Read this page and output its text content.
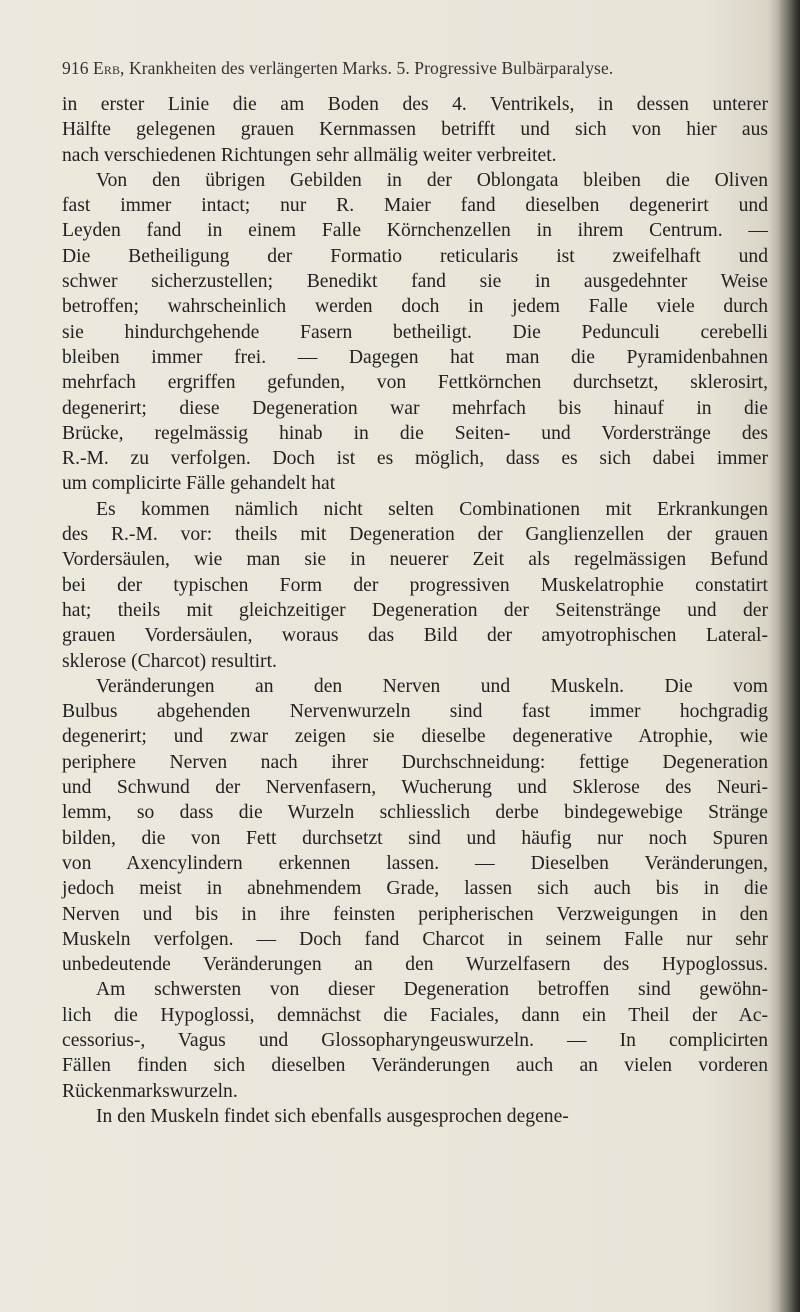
916 Erb, Krankheiten des verlängerten Marks. 5. Progressive Bulbärparalyse.
in erster Linie die am Boden des 4. Ventrikels, in dessen unterer
Hälfte gelegenen grauen Kernmassen betrifft und sich von hier aus
nach verschiedenen Richtungen sehr allmälig weiter verbreitet.
Von den übrigen Gebilden in der Oblongata bleiben die Oliven
fast immer intact; nur R. Maier fand dieselben degenerirt und
Leyden fand in einem Falle Körnchenzellen in ihrem Centrum. —
Die Betheiligung der Formatio reticularis ist zweifelhaft und
schwer sicherzustellen; Benedikt fand sie in ausgedehnter Weise
betroffen; wahrscheinlich werden doch in jedem Falle viele durch
sie hindurchgehende Fasern betheiligt. Die Pedunculi cerebelli
bleiben immer frei. — Dagegen hat man die Pyramidenbahnen
mehrfach ergriffen gefunden, von Fettkörnchen durchsetzt, sklerosirt,
degenerirt; diese Degeneration war mehrfach bis hinauf in die
Brücke, regelmässig hinab in die Seiten- und Vorderstränge des
R.-M. zu verfolgen. Doch ist es möglich, dass es sich dabei immer
um complicirte Fälle gehandelt hat
Es kommen nämlich nicht selten Combinationen mit Erkrankungen
des R.-M. vor: theils mit Degeneration der Ganglienzellen der grauen
Vordersäulen, wie man sie in neuerer Zeit als regelmässigen Befund
bei der typischen Form der progressiven Muskelatrophie constatirt
hat; theils mit gleichzeitiger Degeneration der Seitenstränge und der
grauen Vordersäulen, woraus das Bild der amyotrophischen Lateral-
sklerose (Charcot) resultirt.
Veränderungen an den Nerven und Muskeln. Die vom
Bulbus abgehenden Nervenwurzeln sind fast immer hochgradig
degenerirt; und zwar zeigen sie dieselbe degenerative Atrophie, wie
periphere Nerven nach ihrer Durchschneidung: fettige Degeneration
und Schwund der Nervenfasern, Wucherung und Sklerose des Neuri-
lemm, so dass die Wurzeln schliesslich derbe bindegewebige Stränge
bilden, die von Fett durchsetzt sind und häufig nur noch Spuren
von Axencylindern erkennen lassen. — Dieselben Veränderungen,
jedoch meist in abnehmendem Grade, lassen sich auch bis in die
Nerven und bis in ihre feinsten peripherischen Verzweigungen in den
Muskeln verfolgen. — Doch fand Charcot in seinem Falle nur sehr
unbedeutende Veränderungen an den Wurzelfasern des Hypoglossus.
Am schwersten von dieser Degeneration betroffen sind gewöhn-
lich die Hypoglossi, demnächst die Faciales, dann ein Theil der Ac-
cessorius-, Vagus und Glossopharyngeuswurzeln. — In complicirten
Fällen finden sich dieselben Veränderungen auch an vielen vorderen
Rückenmarkswurzeln.
In den Muskeln findet sich ebenfalls ausgesprochen degene-
